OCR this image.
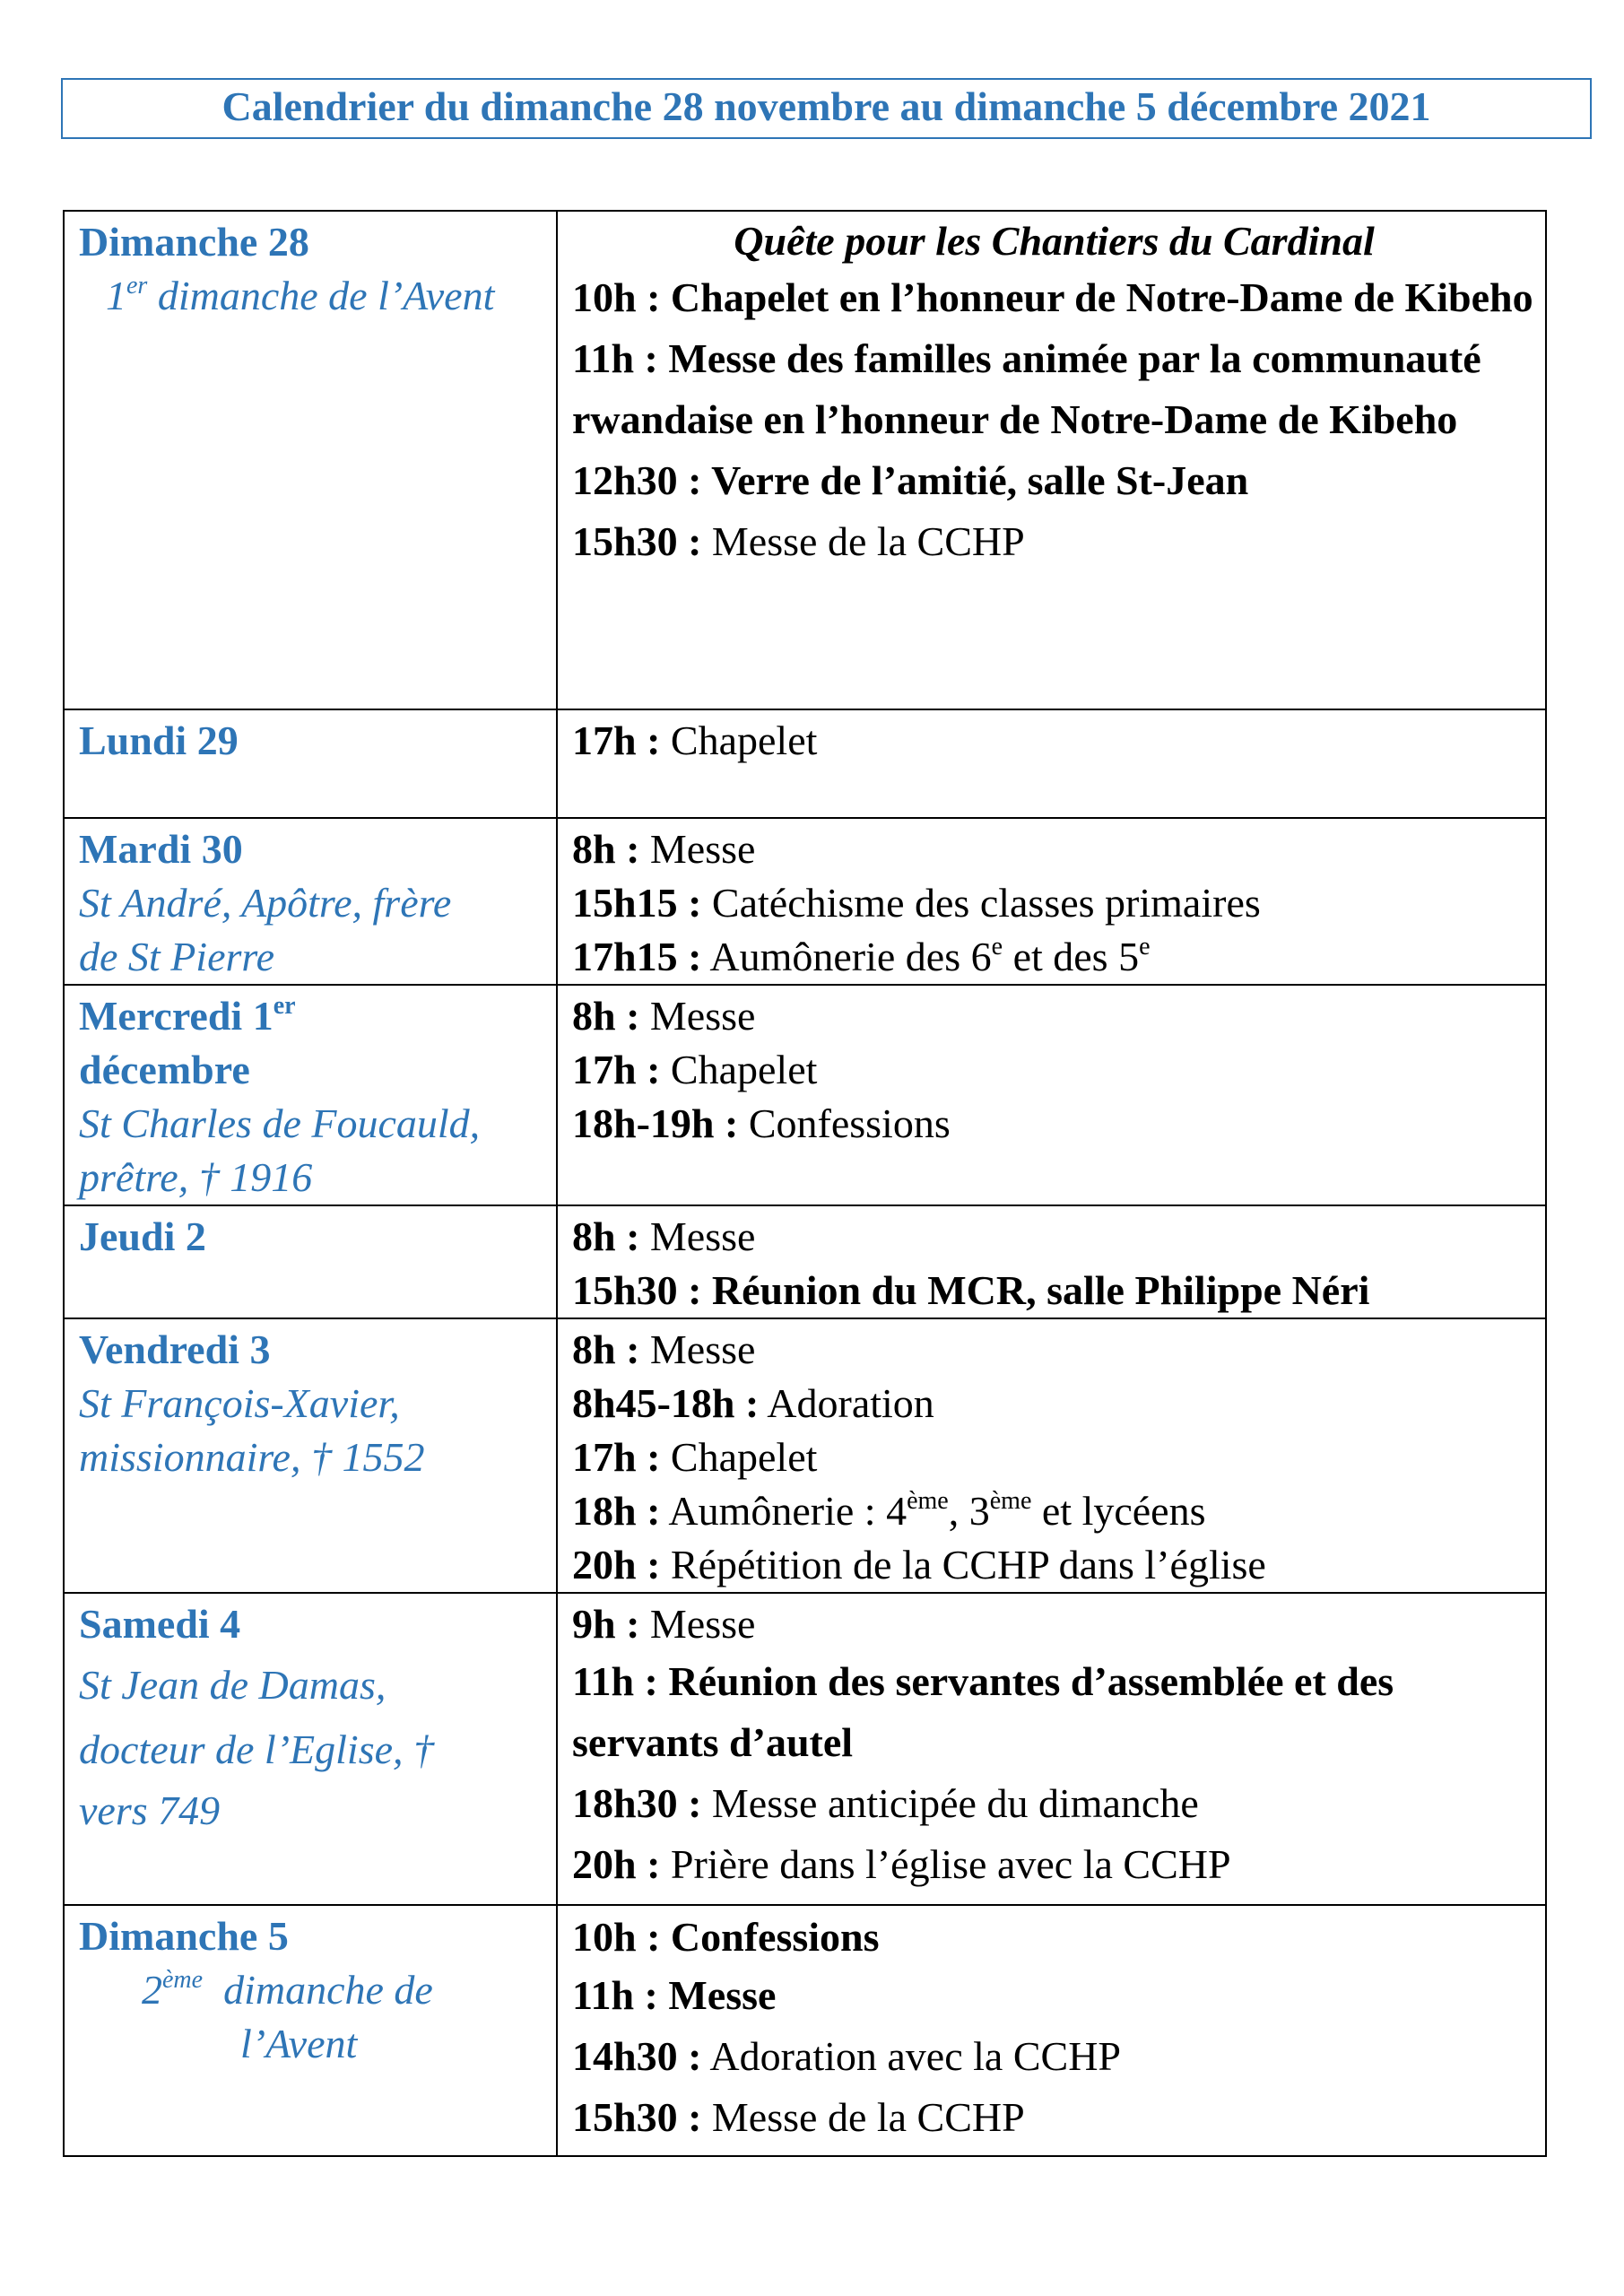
Calendrier du dimanche 28 novembre au dimanche 5 décembre 2021
Dimanche 28
1er dimanche de l’Avent	Quête pour les Chantiers du Cardinal
10h : Chapelet en l’honneur de Notre-Dame de Kibeho
11h : Messe des familles animée par la communauté rwandaise en l’honneur de Notre-Dame de Kibeho
12h30 : Verre de l’amitié, salle St-Jean
15h30 : Messe de la CCHP

Lundi 29	17h : Chapelet

Mardi 30
St André, Apôtre, frère
de St Pierre	8h : Messe
15h15 : Catéchisme des classes primaires
17h15 : Aumônerie des 6e et des 5e

Mercredi 1er
décembre
St Charles de Foucauld,
prêtre, † 1916	8h : Messe
17h : Chapelet
18h-19h : Confessions

Jeudi 2	8h : Messe
15h30 : Réunion du MCR, salle Philippe Néri

Vendredi 3
St François-Xavier,
missionnaire, † 1552	8h : Messe
8h45-18h : Adoration
17h : Chapelet
18h : Aumônerie : 4ème, 3ème et lycéens
20h : Répétition de la CCHP dans l’église

Samedi 4
St Jean de Damas,
docteur de l’Eglise, †
vers 749	9h : Messe
11h : Réunion des servantes d’assemblée et des servants d’autel
18h30 : Messe anticipée du dimanche
20h : Prière dans l’église avec la CCHP

Dimanche 5
2ème  dimanche de
l’Avent	10h : Confessions
11h : Messe
14h30 : Adoration avec la CCHP
15h30 : Messe de la CCHP
